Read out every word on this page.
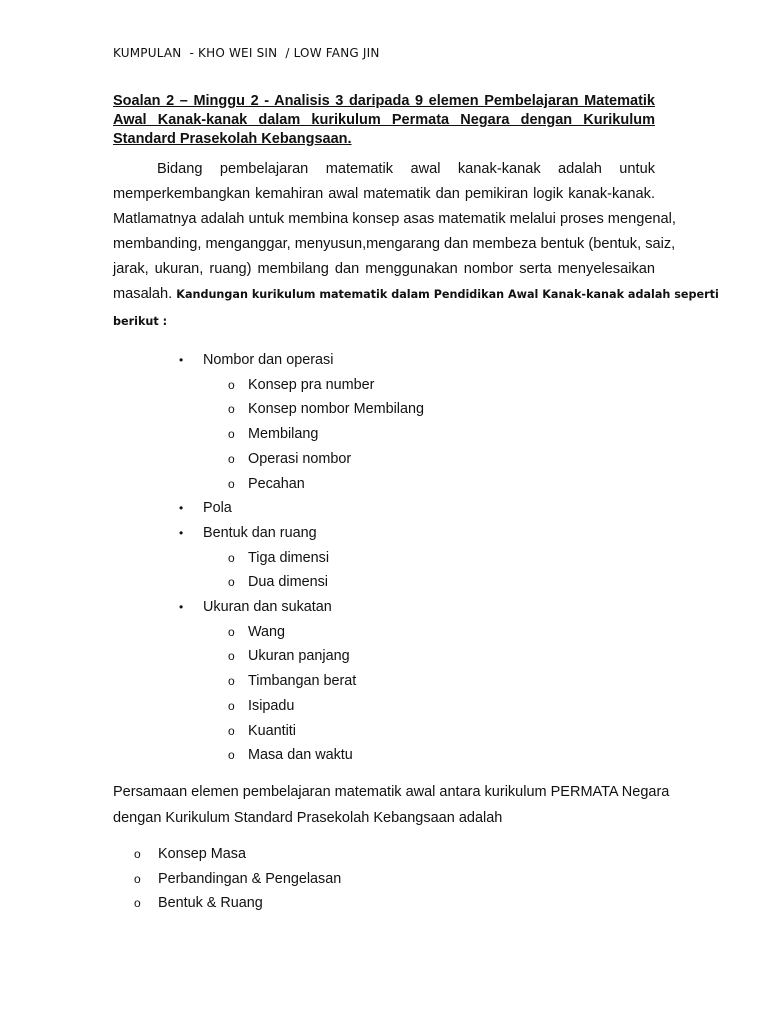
KUMPULAN  - KHO WEI SIN  / LOW FANG JIN
Soalan 2 – Minggu 2 - Analisis 3 daripada 9 elemen Pembelajaran Matematik Awal Kanak-kanak dalam kurikulum Permata Negara dengan Kurikulum Standard Prasekolah Kebangsaan.
Bidang pembelajaran matematik awal kanak-kanak adalah untuk
memperkembangkan kemahiran awal matematik dan pemikiran logik kanak-kanak.
Matlamatnya adalah untuk membina konsep asas matematik melalui proses mengenal,
membanding, menganggar, menyusun,mengarang dan membeza bentuk (bentuk, saiz,
jarak, ukuran, ruang) membilang dan menggunakan nombor serta menyelesaikan
masalah. Kandungan kurikulum matematik dalam Pendidikan Awal Kanak-kanak adalah seperti
berikut :
•	Nombor dan operasi
o Konsep pra number
o Konsep nombor Membilang
o Membilang
o Operasi nombor
o Pecahan
•	Pola
•	Bentuk dan ruang
o Tiga dimensi
o Dua dimensi
•	Ukuran dan sukatan
o Wang
o Ukuran panjang
o Timbangan berat
o Isipadu
o Kuantiti
o Masa dan waktu
Persamaan elemen pembelajaran matematik awal antara kurikulum PERMATA Negara
dengan Kurikulum Standard Prasekolah Kebangsaan adalah
o Konsep Masa
o Perbandingan & Pengelasan
o Bentuk & Ruang
